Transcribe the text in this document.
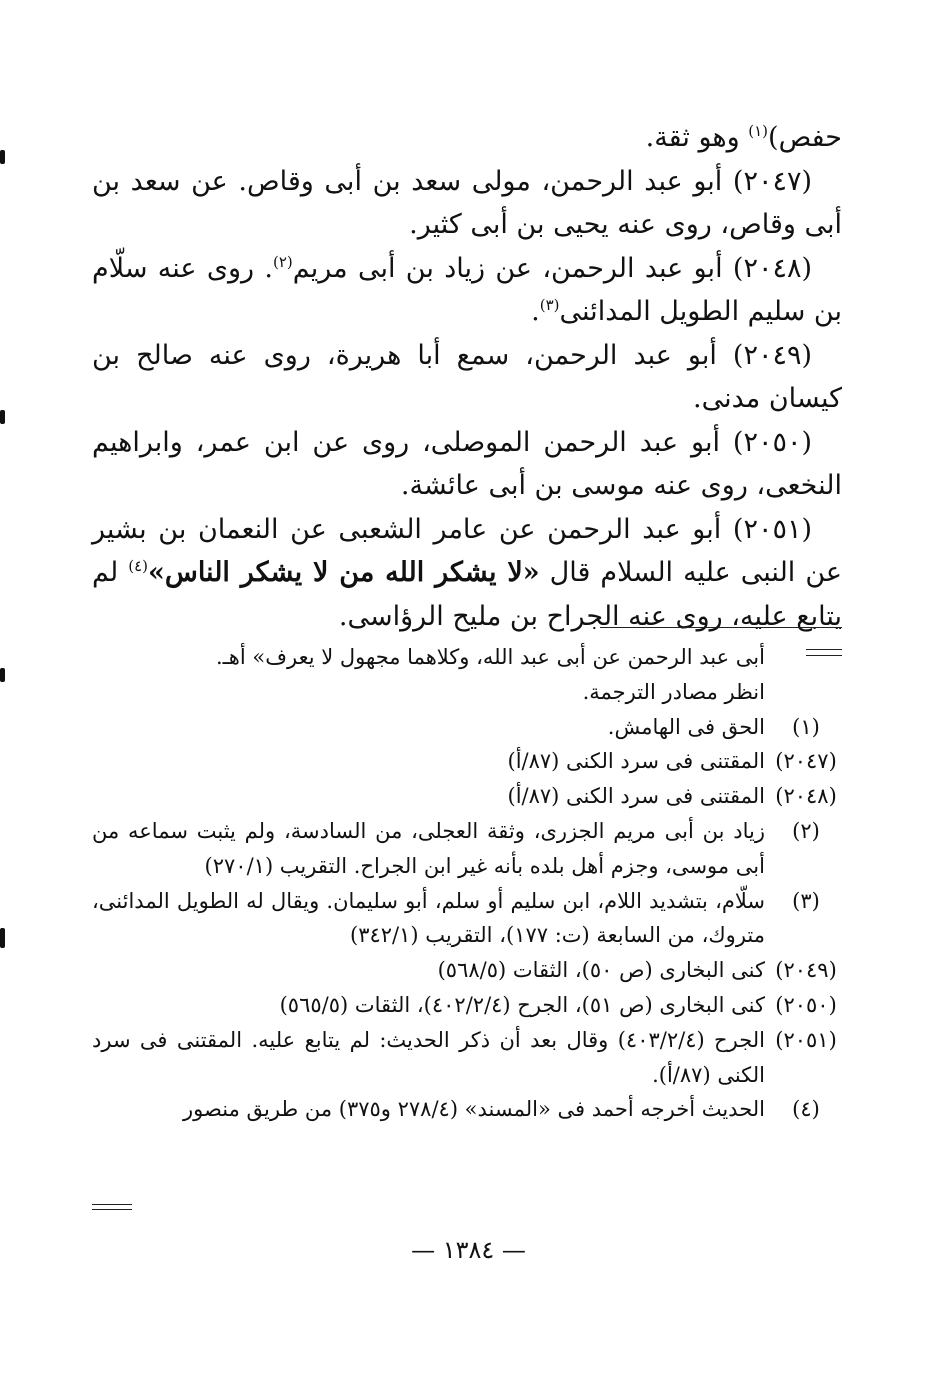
حفص)$^{(١)}$ وهو ثقة.

(٢٠٤٧) أبو عبد الرحمن، مولى سعد بن أبى وقاص. عن سعد بن أبى وقاص، روى عنه يحيى بن أبى كثير.

(٢٠٤٨) أبو عبد الرحمن، عن زياد بن أبى مريم$^{(٢)}$. روى عنه سلّام بن سليم الطويل المدائنى$^{(٣)}$.

(٢٠٤٩) أبو عبد الرحمن، سمع أبا هريرة، روى عنه صالح بن كيسان مدنى.

(٢٠٥٠) أبو عبد الرحمن الموصلى، روى عن ابن عمر، وابراهيم النخعى، روى عنه موسى بن أبى عائشة.

(٢٠٥١) أبو عبد الرحمن عن عامر الشعبى عن النعمان بن بشير عن النبى عليه السلام قال «لا يشكر الله من لا يشكر الناس»$^{(٤)}$ لم يتابع عليه، روى عنه الجراح بن مليح الرؤاسى.

أبى عبد الرحمن عن أبى عبد الله، وكلاهما مجهول لا يعرف» أهـ.
انظر مصادر الترجمة.
(١)
الحق فى الهامش.
(٢٠٤٧)
المقتنى فى سرد الكنى (٨٧/أ)
(٢٠٤٨)
المقتنى فى سرد الكنى (٨٧/أ)
(٢)
زياد بن أبى مريم الجزرى، وثقة العجلى، من السادسة، ولم يثبت سماعه من أبى موسى، وجزم أهل بلده بأنه غير ابن الجراح. التقريب (٢٧٠/١)
(٣)
سلّام، بتشديد اللام، ابن سليم أو سلم، أبو سليمان. ويقال له الطويل المدائنى، متروك، من السابعة (ت: ١٧٧)، التقريب (٣٤٢/١)
(٢٠٤٩)
كنى البخارى (ص ٥٠)، الثقات (٥٦٨/٥)
(٢٠٥٠)
كنى البخارى (ص ٥١)، الجرح (٤٠٢/٢/٤)، الثقات (٥٦٥/٥)
(٢٠٥١)
الجرح (٤٠٣/٢/٤) وقال بعد أن ذكر الحديث: لم يتابع عليه. المقتنى فى سرد الكنى (٨٧/أ).
(٤)
الحديث أخرجه أحمد فى «المسند» (٢٧٨/٤ و٣٧٥) من طريق منصور
— ١٣٨٤ —
